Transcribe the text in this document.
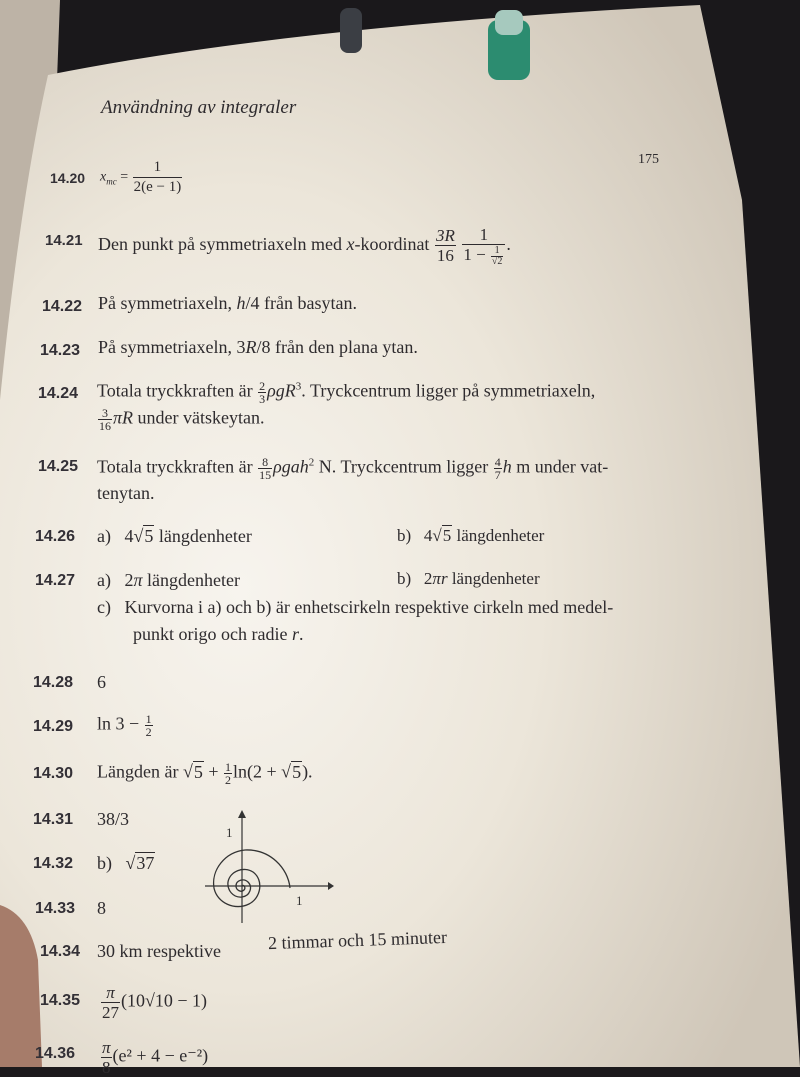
Användning av integraler
175
14.20 $x_{mc} = \frac{1}{2(e - 1)}$
14.21 Den punkt på symmetriaxeln med x-koordinat $\frac{3R}{16}$
$\frac{1}{1 - \frac{1}{√2}}$ .
14.22 På symmetriaxeln, h/4 från basytan.
14.23 På symmetriaxeln, 3R/8 från den plana ytan.
14.24 Totala tryckkraften är $\frac{2}{3} \rho gR^3$. Tryckcentrum ligger på symmetriaxeln,
$\frac{3}{16}$ πR under vätskeytan.
14.25 Totala tryckkraften är $\frac{8}{15} \rho gah^2$ N. Tryckcentrum ligger $\frac{4}{7}$ h m under vat-
tenytan.
14.26 a)   4√5 längdenheter	b)   4√5 längdenheter
14.27 a)   2π längdenheter	b)   2πr längdenheter
c) Kurvorna i a) och b) är enhetscirkeln respektive cirkeln med medel-
punkt origo och radie r.
14.28 6
14.29 $\ln 3 - \frac{1}{2}$
14.30 Längden är $√5 + \frac{1}{2} \ln(2 + √5)$.
14.31 38/3
14.32 b)   √37
14.33 8
1
1
14.34 30 km respektive	2 timmar och 15 minuter
$14.35 \frac{\pi}{27} (10√10 - 1)$
$14.36 \frac{\pi}{8} (e^2 + 4 - e^{-2})$
